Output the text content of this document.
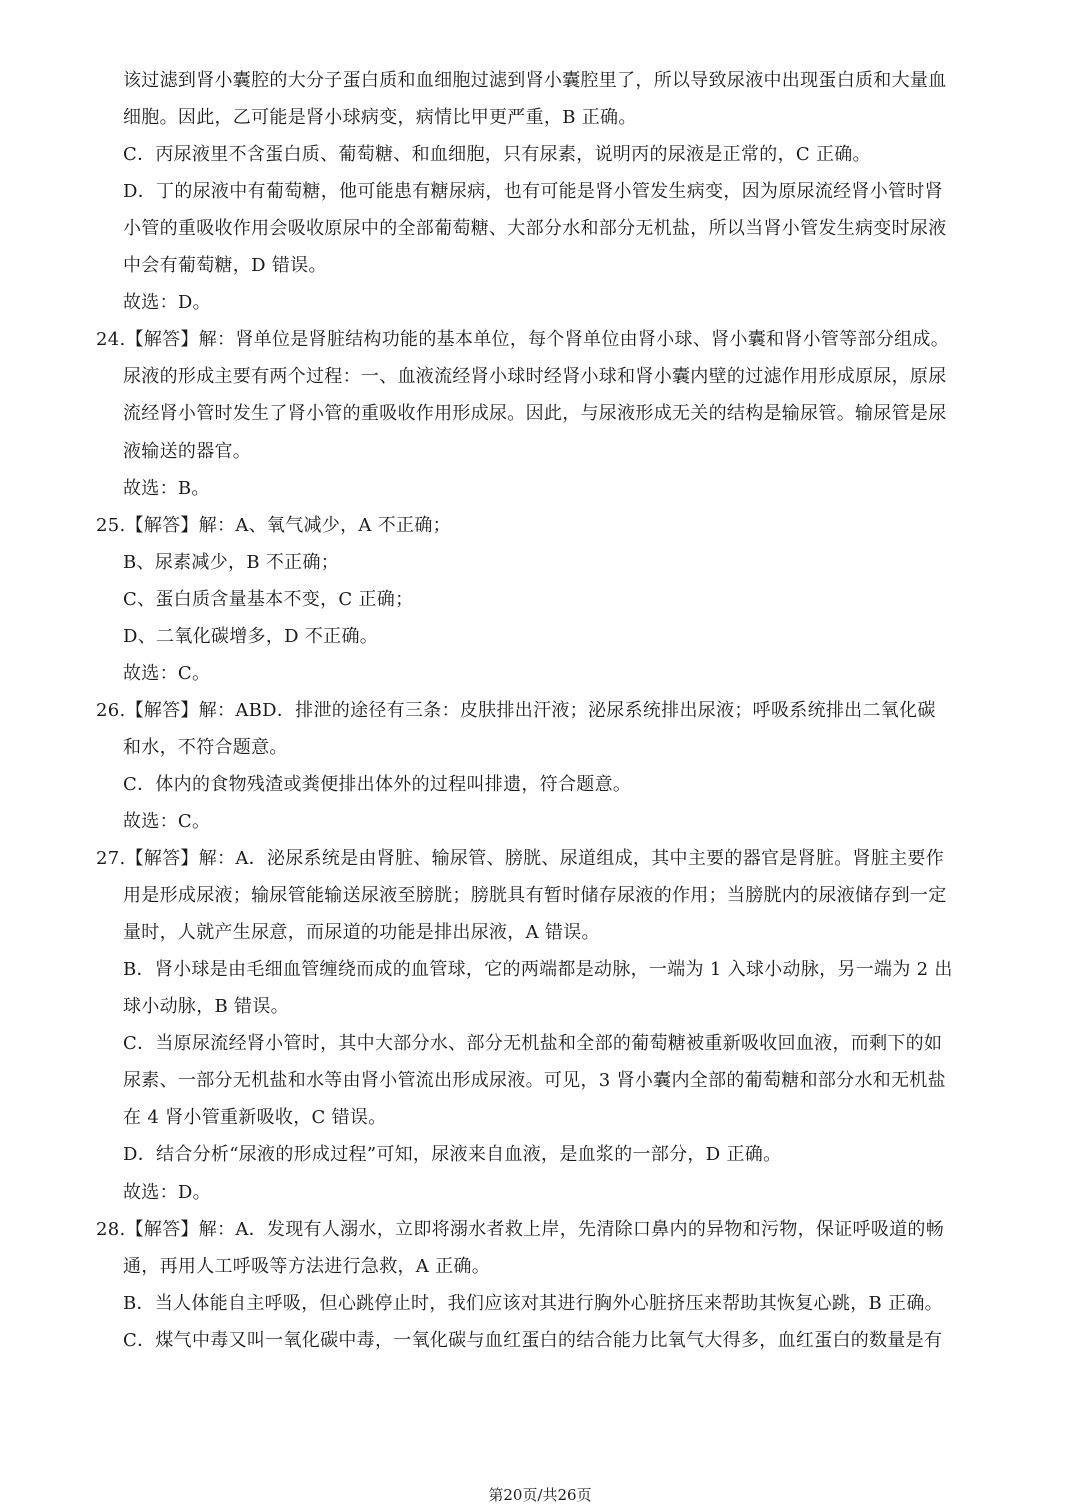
该过滤到肾小囊腔的大分子蛋白质和血细胞过滤到肾小囊腔里了，所以导致尿液中出现蛋白质和大量血
细胞。因此，乙可能是肾小球病变，病情比甲更严重，B 正确。
C．丙尿液里不含蛋白质、葡萄糖、和血细胞，只有尿素，说明丙的尿液是正常的，C 正确。
D．丁的尿液中有葡萄糖，他可能患有糖尿病，也有可能是肾小管发生病变，因为原尿流经肾小管时肾
小管的重吸收作用会吸收原尿中的全部葡萄糖、大部分水和部分无机盐，所以当肾小管发生病变时尿液
中会有葡萄糖，D 错误。
故选：D。
24.【解答】解：肾单位是肾脏结构功能的基本单位，每个肾单位由肾小球、肾小囊和肾小管等部分组成。
尿液的形成主要有两个过程：一、血液流经肾小球时经肾小球和肾小囊内壁的过滤作用形成原尿，原尿
流经肾小管时发生了肾小管的重吸收作用形成尿。因此，与尿液形成无关的结构是输尿管。输尿管是尿
液输送的器官。
故选：B。
25.【解答】解：A、氧气减少，A 不正确；
B、尿素减少，B 不正确；
C、蛋白质含量基本不变，C 正确；
D、二氧化碳增多，D 不正确。
故选：C。
26.【解答】解：ABD．排泄的途径有三条：皮肤排出汗液；泌尿系统排出尿液；呼吸系统排出二氧化碳
和水，不符合题意。
C．体内的食物残渣或粪便排出体外的过程叫排遗，符合题意。
故选：C。
27.【解答】解：A．泌尿系统是由肾脏、输尿管、膀胱、尿道组成，其中主要的器官是肾脏。肾脏主要作
用是形成尿液；输尿管能输送尿液至膀胱；膀胱具有暂时储存尿液的作用；当膀胱内的尿液储存到一定
量时，人就产生尿意，而尿道的功能是排出尿液，A 错误。
B．肾小球是由毛细血管缠绕而成的血管球，它的两端都是动脉，一端为 1 入球小动脉，另一端为 2 出
球小动脉，B 错误。
C．当原尿流经肾小管时，其中大部分水、部分无机盐和全部的葡萄糖被重新吸收回血液，而剩下的如
尿素、一部分无机盐和水等由肾小管流出形成尿液。可见，3 肾小囊内全部的葡萄糖和部分水和无机盐
在 4 肾小管重新吸收，C 错误。
D．结合分析“尿液的形成过程”可知，尿液来自血液，是血浆的一部分，D 正确。
故选：D。
28.【解答】解：A．发现有人溺水，立即将溺水者救上岸，先清除口鼻内的异物和污物，保证呼吸道的畅
通，再用人工呼吸等方法进行急救，A 正确。
B．当人体能自主呼吸，但心跳停止时，我们应该对其进行胸外心脏挤压来帮助其恢复心跳，B 正确。
C．煤气中毒又叫一氧化碳中毒，一氧化碳与血红蛋白的结合能力比氧气大得多，血红蛋白的数量是有
第20页/共26页
